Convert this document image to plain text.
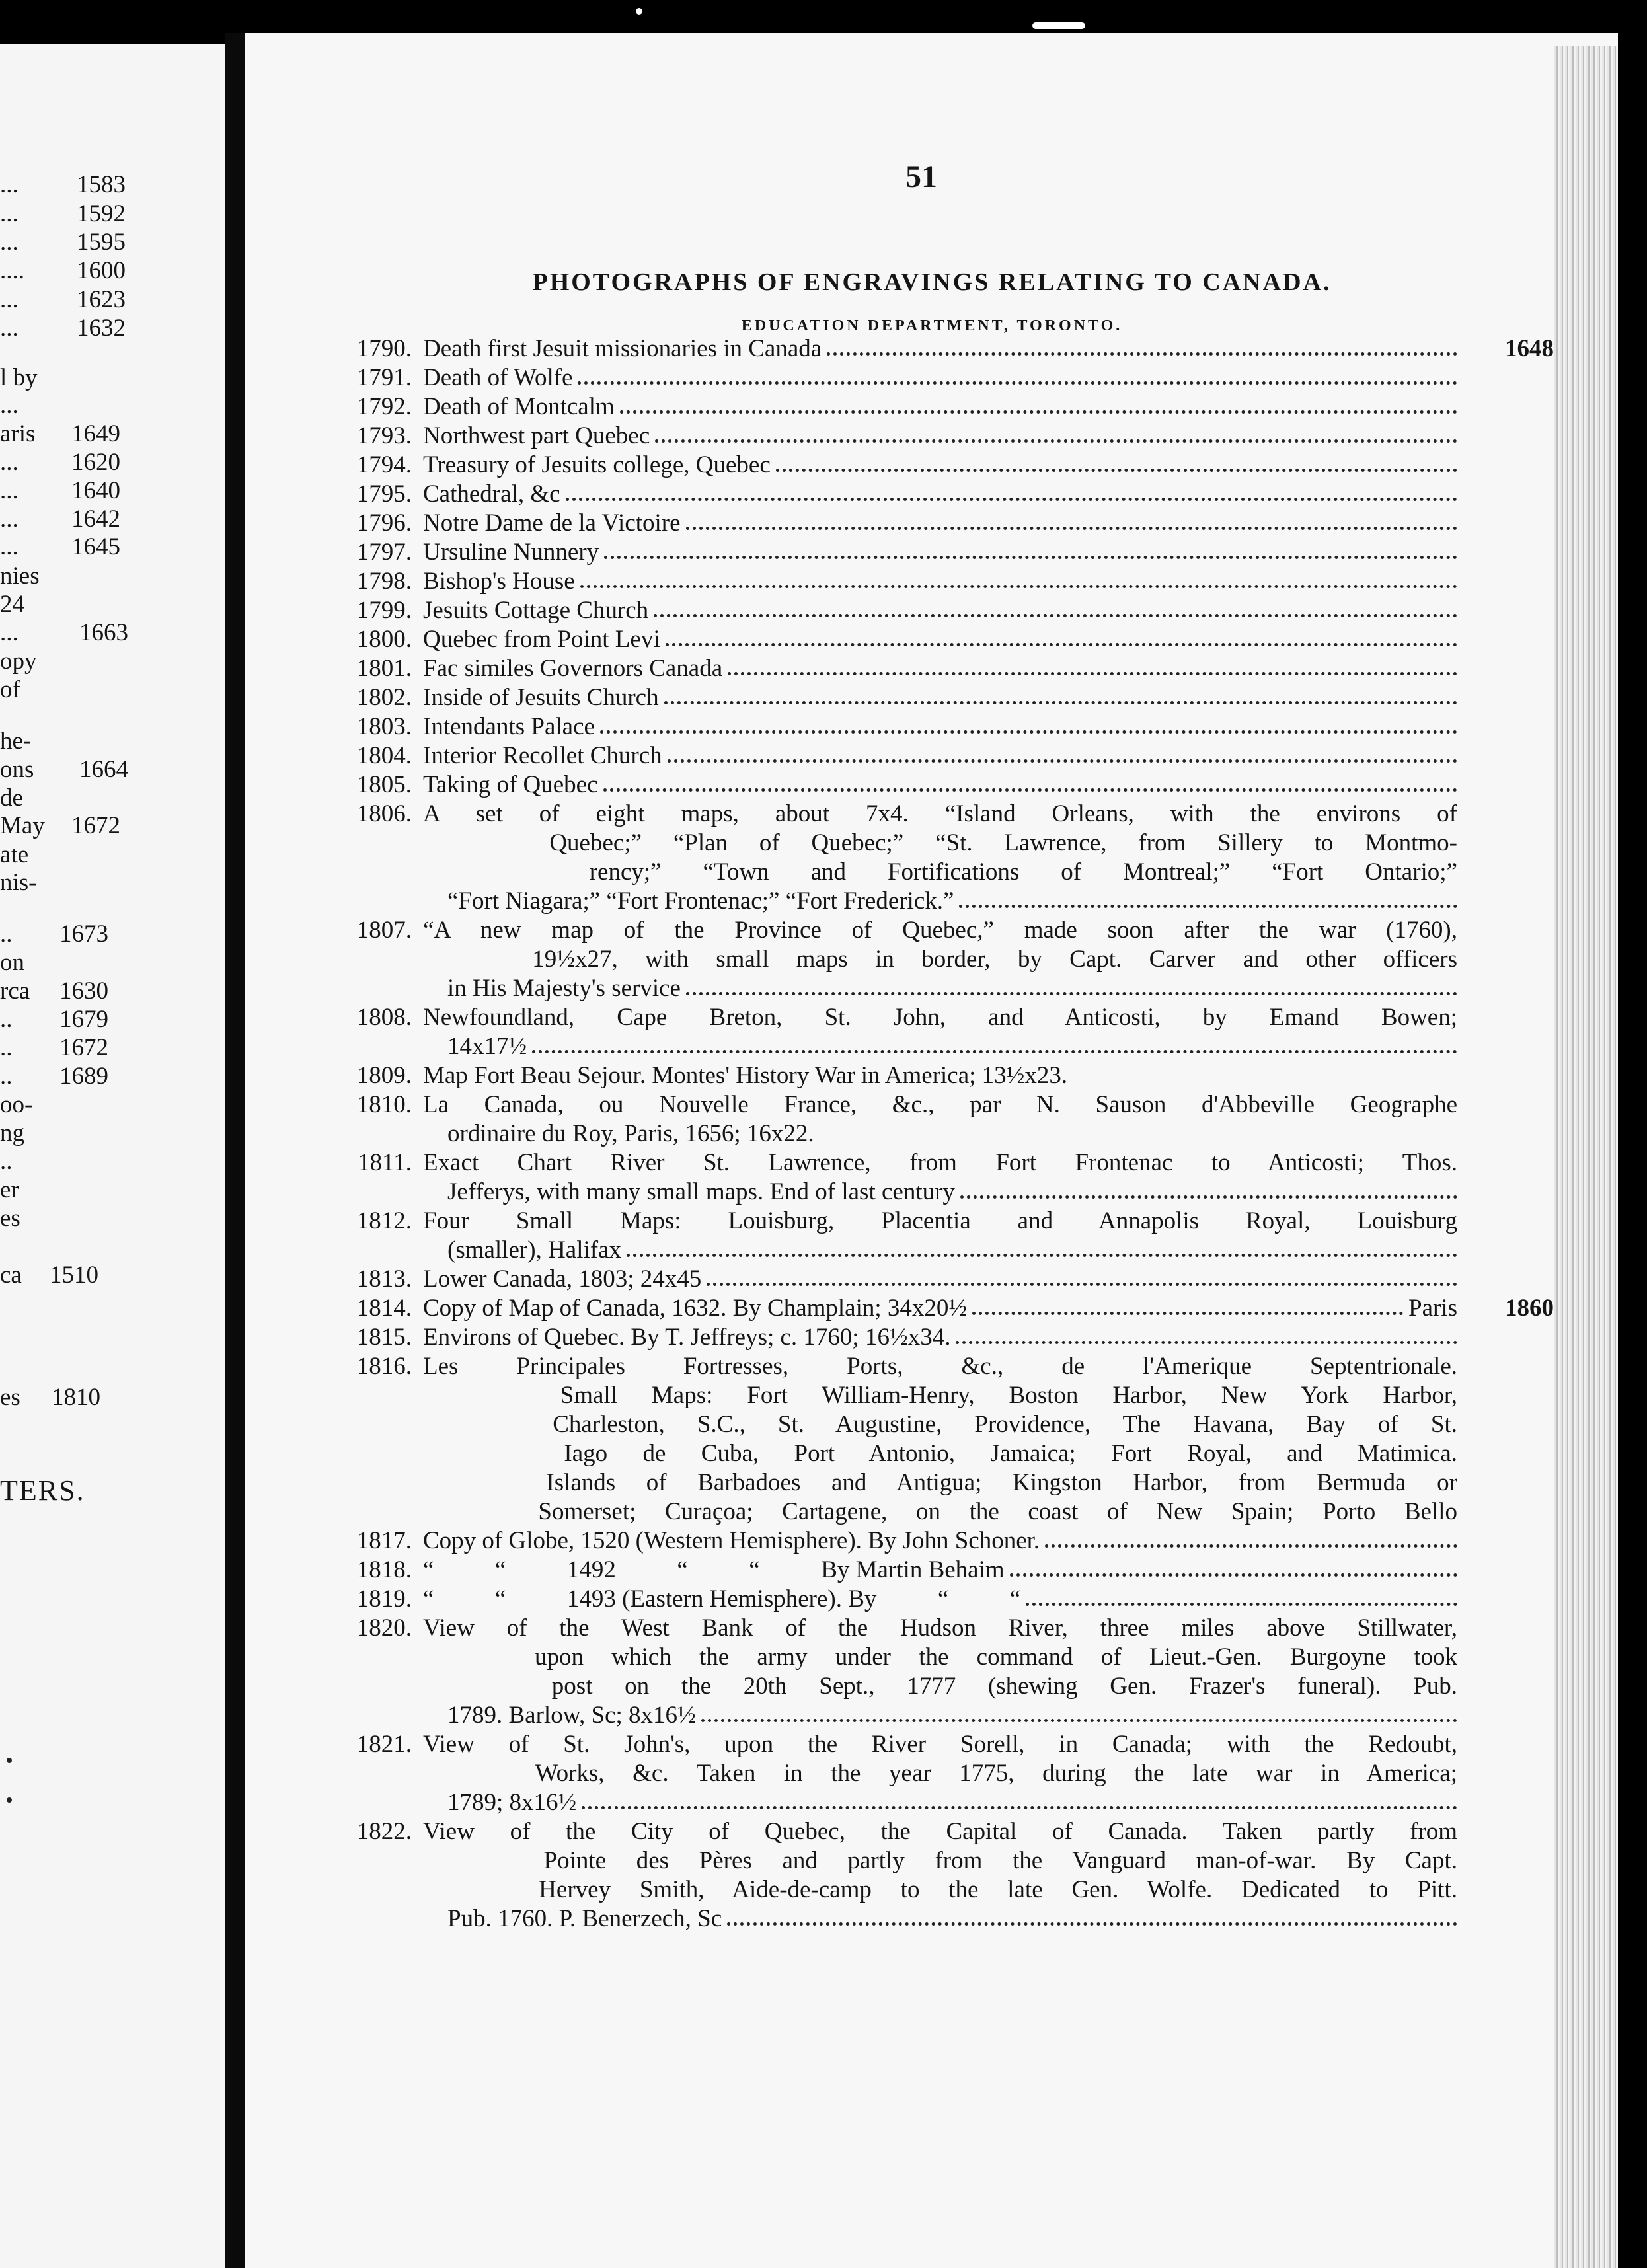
... 1583
... 1592
... 1595
.... 1600
... 1623
... 1632
l by
...
aris 1649
... 1620
... 1640
... 1642
... 1645
nies
24
... 1663
opy
of
he-
ons 1664
de
May 1672
ate
nis-
.. 1673
on
rca 1630
.. 1679
.. 1672
.. 1689
oo-
ng
..
er
es
ca 1510
es 1810
TERS.
51
PHOTOGRAPHS OF ENGRAVINGS RELATING TO CANADA.
EDUCATION DEPARTMENT, TORONTO.
1790. Death first Jesuit missionaries in Canada	1648
1791. Death of Wolfe
1792. Death of Montcalm
1793. Northwest part Quebec
1794. Treasury of Jesuits college, Quebec
1795. Cathedral, &c
1796. Notre Dame de la Victoire
1797. Ursuline Nunnery
1798. Bishop's House
1799. Jesuits Cottage Church
1800. Quebec from Point Levi
1801. Fac similes Governors Canada
1802. Inside of Jesuits Church
1803. Intendants Palace
1804. Interior Recollet Church
1805. Taking of Quebec
1806. A set of eight maps, about 7x4. “Island Orleans, with the environs of
Quebec;” “Plan of Quebec;” “St. Lawrence, from Sillery to Montmo-
rency;” “Town and Fortifications of Montreal;” “Fort Ontario;”
“Fort Niagara;” “Fort Frontenac;” “Fort Frederick.”
1807. “A new map of the Province of Quebec,” made soon after the war (1760),
19½x27, with small maps in border, by Capt. Carver and other officers
in His Majesty's service
1808. Newfoundland, Cape Breton, St. John, and Anticosti, by Emand Bowen;
14x17½
1809. Map Fort Beau Sejour. Montes' History War in America; 13½x23.
1810. La Canada, ou Nouvelle France, &c., par N. Sauson d'Abbeville Geographe
ordinaire du Roy, Paris, 1656; 16x22.
1811. Exact Chart River St. Lawrence, from Fort Frontenac to Anticosti; Thos.
Jefferys, with many small maps. End of last century
1812. Four Small Maps: Louisburg, Placentia and Annapolis Royal, Louisburg
(smaller), Halifax
1813. Lower Canada, 1803; 24x45
1814. Copy of Map of Canada, 1632. By Champlain; 34x20½	Paris 1860
1815. Environs of Quebec. By T. Jeffreys; c. 1760; 16½x34.
1816. Les Principales Fortresses, Ports, &c., de l'Amerique Septentrionale.
Small Maps: Fort William-Henry, Boston Harbor, New York Harbor,
Charleston, S.C., St. Augustine, Providence, The Havana, Bay of St.
Iago de Cuba, Port Antonio, Jamaica; Fort Royal, and Matimica.
Islands of Barbadoes and Antigua; Kingston Harbor, from Bermuda or
Somerset; Curaçoa; Cartagene, on the coast of New Spain; Porto Bello
1817. Copy of Globe, 1520 (Western Hemisphere). By John Schoner.
1818. “          “          1492          “          “          By Martin Behaim
1819. “          “          1493 (Eastern Hemisphere). By          “          “
1820. View of the West Bank of the Hudson River, three miles above Stillwater,
upon which the army under the command of Lieut.-Gen. Burgoyne took
post on the 20th Sept., 1777 (shewing Gen. Frazer's funeral). Pub.
1789. Barlow, Sc; 8x16½
1821. View of St. John's, upon the River Sorell, in Canada; with the Redoubt,
Works, &c. Taken in the year 1775, during the late war in America;
1789; 8x16½
1822. View of the City of Quebec, the Capital of Canada. Taken partly from
Pointe des Pères and partly from the Vanguard man-of-war. By Capt.
Hervey Smith, Aide-de-camp to the late Gen. Wolfe. Dedicated to Pitt.
Pub. 1760. P. Benerzech, Sc
